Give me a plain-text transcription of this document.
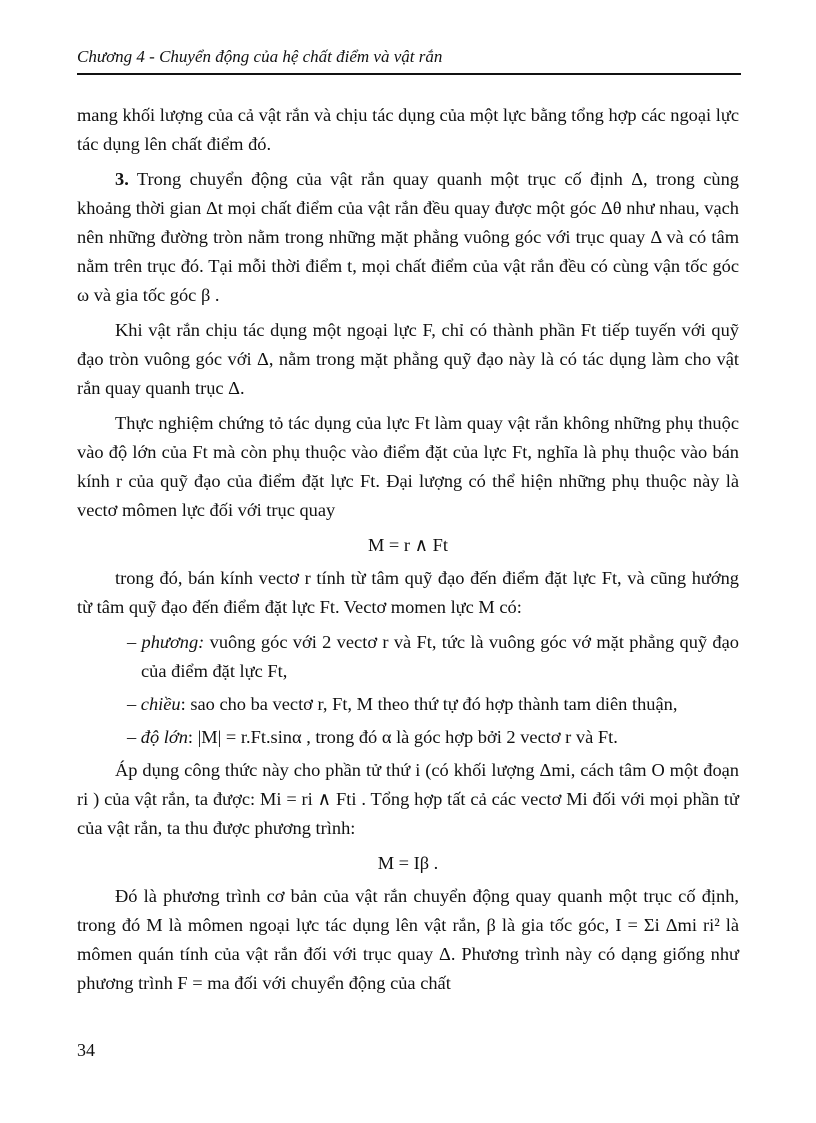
Chương 4 - Chuyển động của hệ chất điểm và vật rắn

mang khối lượng của cả vật rắn và chịu tác dụng của một lực bằng tổng hợp các ngoại lực tác dụng lên chất điểm đó.

3. Trong chuyển động của vật rắn quay quanh một trục cố định Δ, trong cùng khoảng thời gian Δt mọi chất điểm của vật rắn đều quay được một góc Δθ như nhau, vạch nên những đường tròn nằm trong những mặt phẳng vuông góc với trục quay Δ và có tâm nằm trên trục đó. Tại mỗi thời điểm t, mọi chất điểm của vật rắn đều có cùng vận tốc góc ω và gia tốc góc β .

Khi vật rắn chịu tác dụng một ngoại lực F, chỉ có thành phần Ft tiếp tuyến với quỹ đạo tròn vuông góc với Δ, nằm trong mặt phẳng quỹ đạo này là có tác dụng làm cho vật rắn quay quanh trục Δ.

Thực nghiệm chứng tỏ tác dụng của lực Ft làm quay vật rắn không những phụ thuộc vào độ lớn của Ft mà còn phụ thuộc vào điểm đặt của lực Ft, nghĩa là phụ thuộc vào bán kính r của quỹ đạo của điểm đặt lực Ft. Đại lượng có thể hiện những phụ thuộc này là vectơ mômen lực đối với trục quay

M = r ∧ Ft

trong đó, bán kính vectơ r tính từ tâm quỹ đạo đến điểm đặt lực Ft, và cũng hướng từ tâm quỹ đạo đến điểm đặt lực Ft. Vectơ momen lực M có:

– phương: vuông góc với 2 vectơ r và Ft, tức là vuông góc vớ mặt phẳng quỹ đạo của điểm đặt lực Ft,

– chiều: sao cho ba vectơ r, Ft, M theo thứ tự đó hợp thành tam diên thuận,

– độ lớn: |M| = r.Ft.sinα , trong đó α là góc hợp bởi 2 vectơ r và Ft.

Áp dụng công thức này cho phần tử thứ i (có khối lượng Δmi, cách tâm O một đoạn ri ) của vật rắn, ta được: Mi = ri ∧ Fti . Tổng hợp tất cả các vectơ Mi đối với mọi phần tử của vật rắn, ta thu được phương trình:

M = Iβ .

Đó là phương trình cơ bản của vật rắn chuyển động quay quanh một trục cố định, trong đó M là mômen ngoại lực tác dụng lên vật rắn, β là gia tốc góc, I = Σi Δmi ri² là mômen quán tính của vật rắn đối với trục quay Δ. Phương trình này có dạng giống như phương trình F = ma đối với chuyển động của chất

34
